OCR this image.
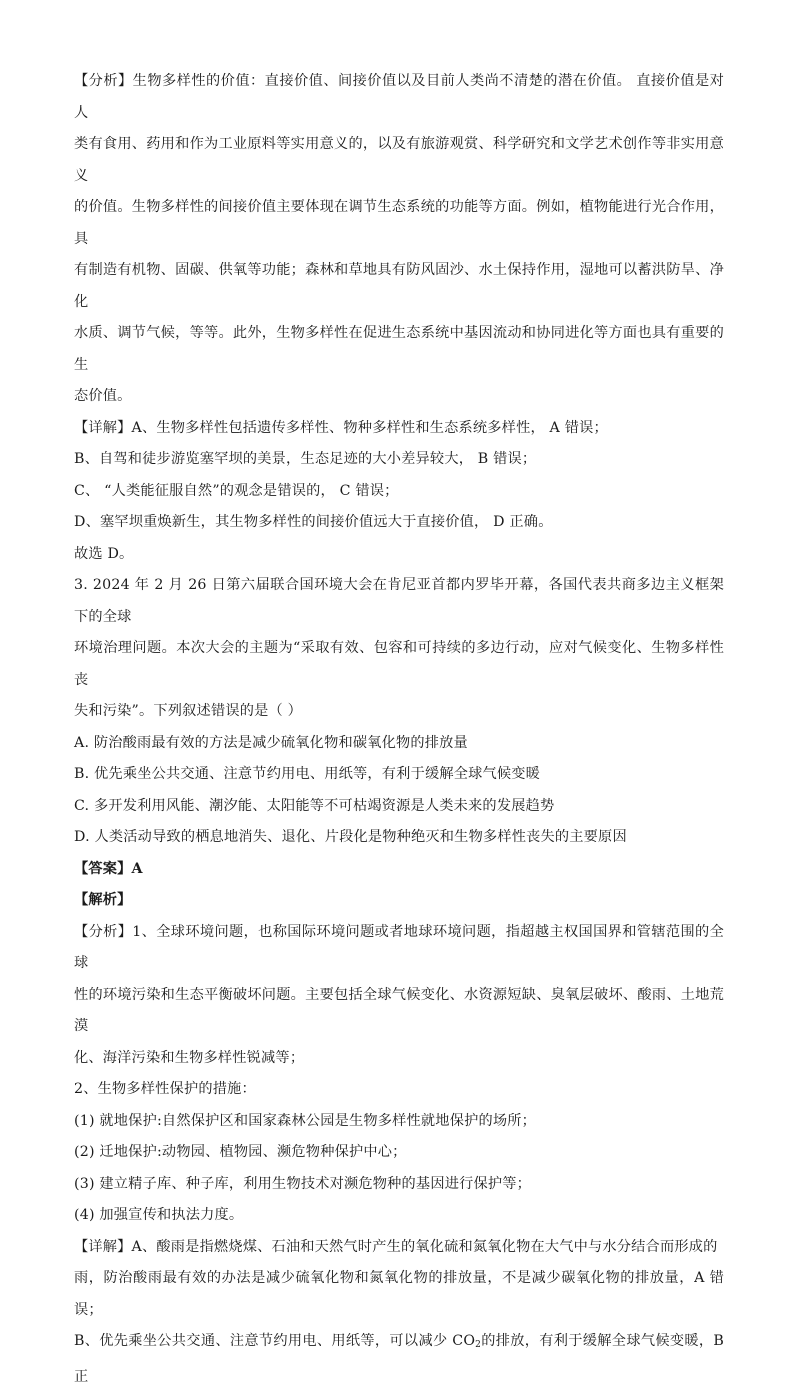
【分析】生物多样性的价值：直接价值、间接价值以及目前人类尚不清楚的潜在价值。 直接价值是对人

类有食用、药用和作为工业原料等实用意义的，以及有旅游观赏、科学研究和文学艺术创作等非实用意义

的价值。生物多样性的间接价值主要体现在调节生态系统的功能等方面。例如，植物能进行光合作用，具

有制造有机物、固碳、供氧等功能；森林和草地具有防风固沙、水土保持作用，湿地可以蓄洪防旱、净化

水质、调节气候，等等。此外，生物多样性在促进生态系统中基因流动和协同进化等方面也具有重要的生

态价值。

【详解】A、生物多样性包括遗传多样性、物种多样性和生态系统多样性， A 错误；

B、自驾和徒步游览塞罕坝的美景，生态足迹的大小差异较大， B 错误；

C、 “人类能征服自然”的观念是错误的， C 错误；

D、塞罕坝重焕新生，其生物多样性的间接价值远大于直接价值， D 正确。

故选 D。

3. 2024 年 2 月 26 日第六届联合国环境大会在肯尼亚首都内罗毕开幕，各国代表共商多边主义框架下的全球

环境治理问题。本次大会的主题为“采取有效、包容和可持续的多边行动，应对气候变化、生物多样性丧

失和污染”。下列叙述错误的是（ ）

A. 防治酸雨最有效的方法是减少硫氧化物和碳氧化物的排放量

B. 优先乘坐公共交通、注意节约用电、用纸等，有利于缓解全球气候变暖

C. 多开发利用风能、潮汐能、太阳能等不可枯竭资源是人类未来的发展趋势

D. 人类活动导致的栖息地消失、退化、片段化是物种绝灭和生物多样性丧失的主要原因

【答案】A

【解析】

【分析】1、全球环境问题，也称国际环境问题或者地球环境问题，指超越主权国国界和管辖范围的全球

性的环境污染和生态平衡破坏问题。主要包括全球气候变化、水资源短缺、臭氧层破坏、酸雨、土地荒漠

化、海洋污染和生物多样性锐减等；

2、生物多样性保护的措施：

(1) 就地保护:自然保护区和国家森林公园是生物多样性就地保护的场所；

(2) 迁地保护:动物园、植物园、濒危物种保护中心；

(3) 建立精子库、种子库，利用生物技术对濒危物种的基因进行保护等；

(4) 加强宣传和执法力度。

【详解】A、酸雨是指燃烧煤、石油和天然气时产生的氧化硫和氮氧化物在大气中与水分结合而形成的

雨，防治酸雨最有效的办法是减少硫氧化物和氮氧化物的排放量，不是减少碳氧化物的排放量，A 错误；

B、优先乘坐公共交通、注意节约用电、用纸等，可以减少 $CO_2$的排放，有利于缓解全球气候变暖，B 正
